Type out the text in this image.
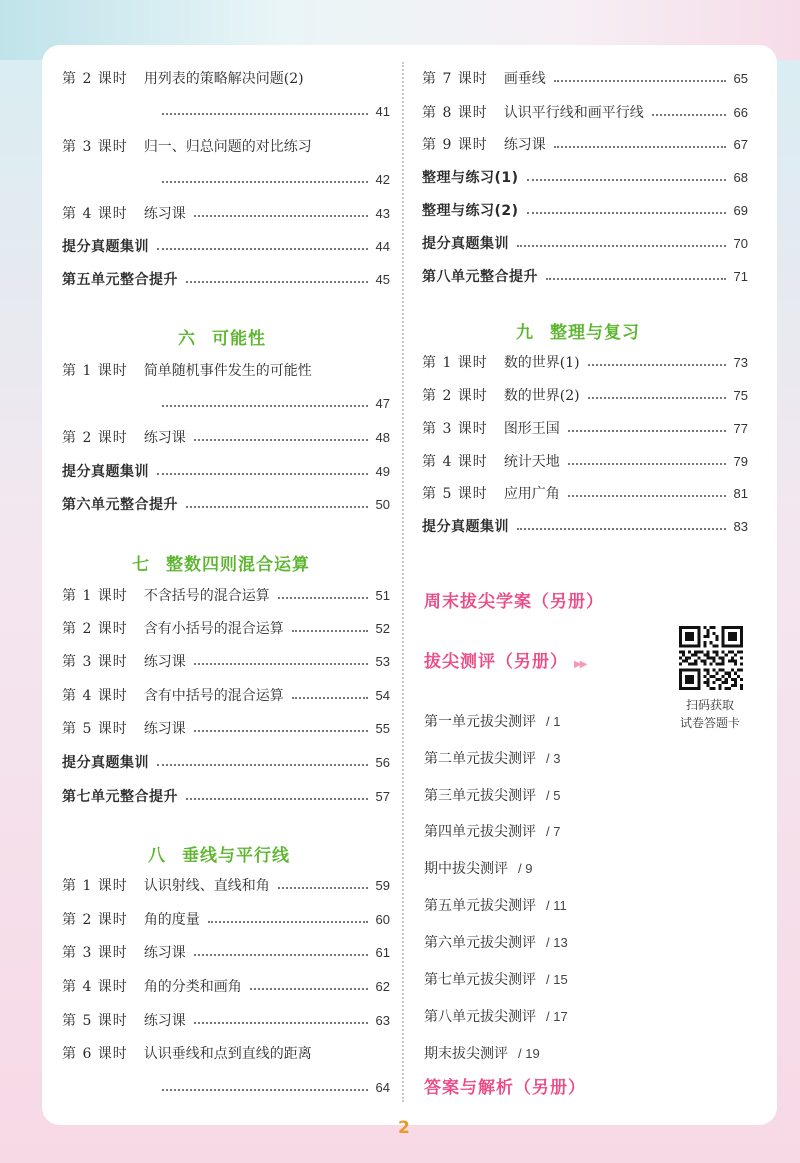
第 2 课时 用列表的策略解决问题(2)
41
第 3 课时 归一、归总问题的对比练习
42
第 4 课时 练习课	43
提分真题集训	44
第五单元整合提升	45
六 可能性
第 1 课时 简单随机事件发生的可能性
47
第 2 课时 练习课	48
提分真题集训	49
第六单元整合提升	50
七 整数四则混合运算
第 1 课时 不含括号的混合运算	51
第 2 课时 含有小括号的混合运算	52
第 3 课时 练习课	53
第 4 课时 含有中括号的混合运算	54
第 5 课时 练习课	55
提分真题集训	56
第七单元整合提升	57
八 垂线与平行线
第 1 课时 认识射线、直线和角	59
第 2 课时 角的度量	60
第 3 课时 练习课	61
第 4 课时 角的分类和画角	62
第 5 课时 练习课	63
第 6 课时 认识垂线和点到直线的距离
64
第 7 课时 画垂线	65
第 8 课时 认识平行线和画平行线	66
第 9 课时 练习课	67
整理与练习(1)	68
整理与练习(2)	69
提分真题集训	70
第八单元整合提升	71
九 整理与复习
第 1 课时 数的世界(1)	73
第 2 课时 数的世界(2)	75
第 3 课时 图形王国	77
第 4 课时 统计天地	79
第 5 课时 应用广角	81
提分真题集训	83
周末拔尖学案（另册）
拔尖测评（另册） ▶▶
第一单元拔尖测评 / 1
第二单元拔尖测评 / 3
第三单元拔尖测评 / 5
第四单元拔尖测评 / 7
期中拔尖测评 / 9
第五单元拔尖测评 / 11
第六单元拔尖测评 / 13
第七单元拔尖测评 / 15
第八单元拔尖测评 / 17
期末拔尖测评 / 19
答案与解析（另册）
扫码获取
试卷答题卡
2
